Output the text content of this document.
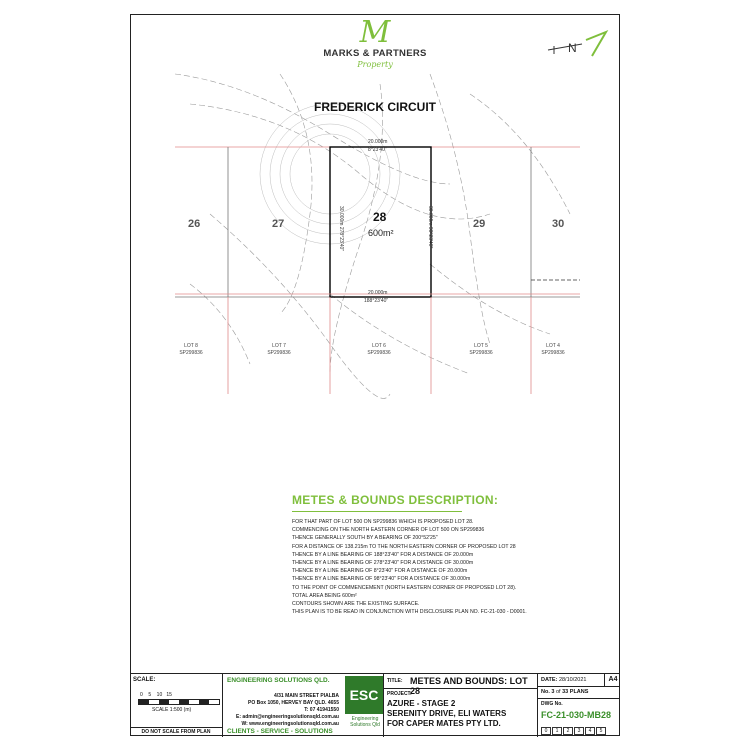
M
MARKS & PARTNERS
Property
N
FREDERICK CIRCUIT
26	27	28
600m²
29	30
20.000m
8°23'40"
20.000m
188°23'40"
30.000m 278°23'40"	30.000m 98°23'40"
LOT 8
SP299836
LOT 7
SP299836
LOT 6
SP299836
LOT 5
SP299836
LOT 4
SP299836
METES & BOUNDS DESCRIPTION:
FOR THAT PART OF LOT 500 ON SP299836 WHICH IS PROPOSED LOT 28.
COMMENCING ON THE NORTH EASTERN CORNER OF LOT 500 ON SP299836
THENCE GENERALLY SOUTH BY A BEARING OF 200°52'25"
FOR A DISTANCE OF 138.215m TO THE NORTH EASTERN CORNER OF PROPOSED LOT 28
THENCE BY A LINE BEARING OF 188°23'40" FOR A DISTANCE OF 20.000m
THENCE BY A LINE BEARING OF 278°23'40" FOR A DISTANCE OF 30.000m
THENCE BY A LINE BEARING OF 8°23'40" FOR A DISTANCE OF 20.000m
THENCE BY A LINE BEARING OF 98°23'40" FOR A DISTANCE OF 30.000m
TO THE POINT OF COMMENCEMENT (NORTH EASTERN CORNER OF PROPOSED LOT 28).
TOTAL AREA BEING 600m²
CONTOURS SHOWN ARE THE EXISTING SURFACE.
THIS PLAN IS TO BE READ IN CONJUNCTION WITH DISCLOSURE PLAN NO. FC-21-030 - D0001.
SCALE:
0    5    10   15
SCALE 1:500 (m)
DO NOT SCALE FROM PLAN
ENGINEERING SOLUTIONS QLD.
4/31 MAIN STREET PIALBA
PO Box 1050, HERVEY BAY QLD. 4655
T: 07 41941550
E: admin@engineeringsolutionsqld.com.au
W: www.engineeringsolutionsqld.com.au
CLIENTS - SERVICE - SOLUTIONS
ESC
Engineering Solutions Qld
TITLE: METES AND BOUNDS: LOT 28
PROJECT:
AZURE - STAGE 2
SERENITY DRIVE, ELI WATERS
FOR CAPER MATES PTY LTD.
DATE: 28/10/2021	A4
No. 3 of 33 PLANS
DWG No.
FC-21-030-MB28
0 1 2 3 4 5
